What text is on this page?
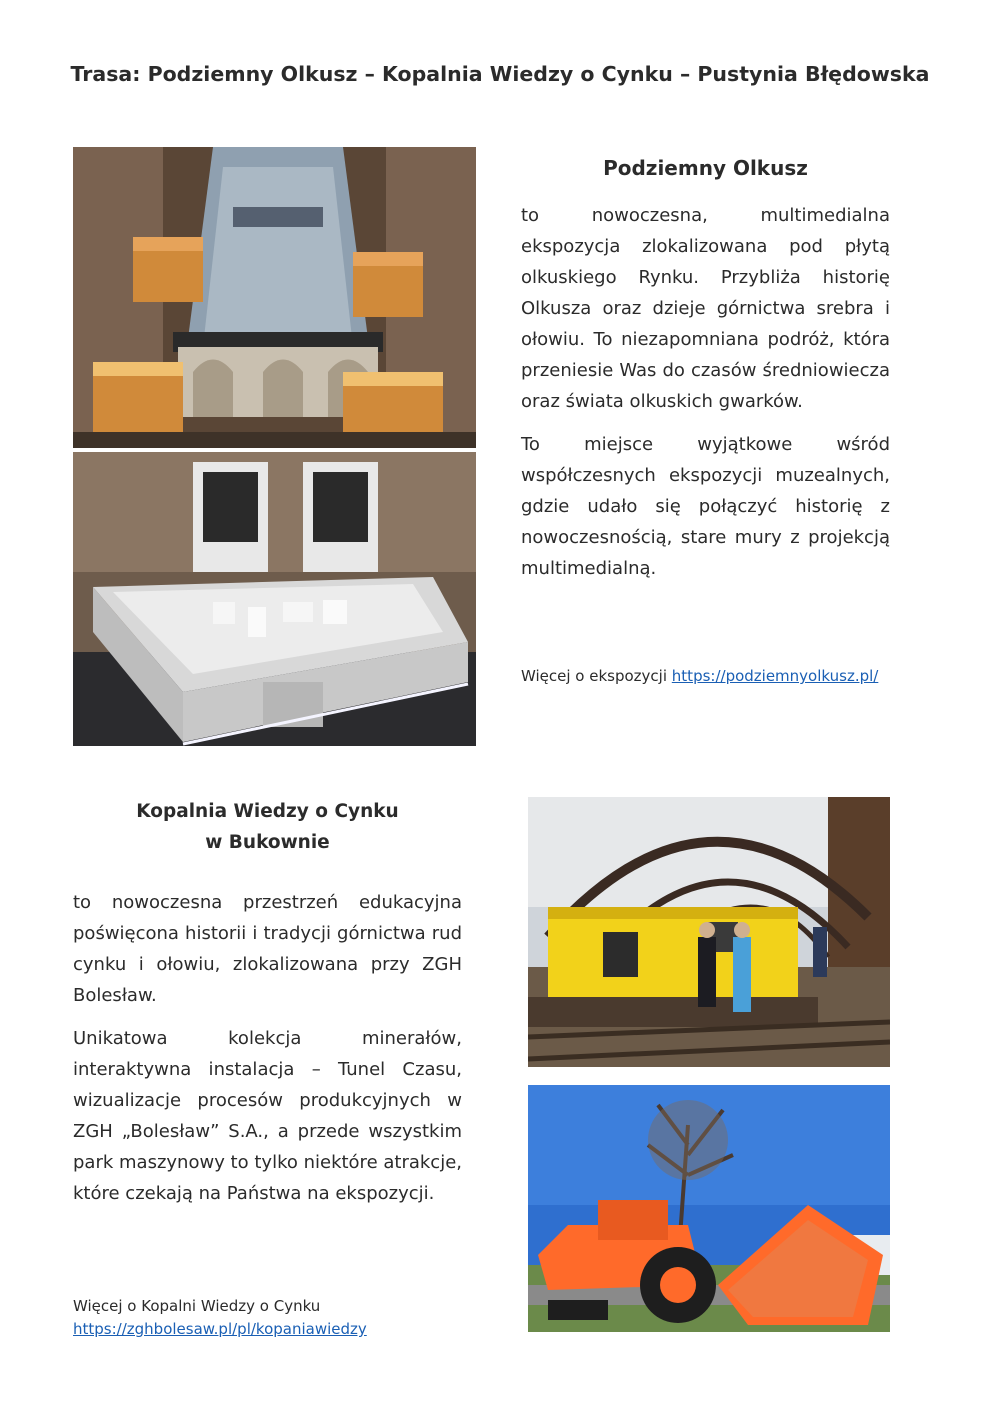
Trasa: Podziemny Olkusz – Kopalnia Wiedzy o Cynku – Pustynia Błędowska
Podziemny Olkusz

to nowoczesna, multimedialna ekspozycja zlokalizowana pod płytą olkuskiego Rynku. Przybliża historię Olkusza oraz dzieje górnictwa srebra i ołowiu. To niezapomniana podróż, która przeniesie Was do czasów średniowiecza oraz świata olkuskich gwarków.

To miejsce wyjątkowe wśród współczesnych ekspozycji muzealnych, gdzie udało się połączyć historię z nowoczesnością, stare mury z projekcją multimedialną.

Więcej o ekspozycji https://podziemnyolkusz.pl/
Kopalnia Wiedzy o Cynku
w Bukownie

to nowoczesna przestrzeń edukacyjna poświęcona historii i tradycji górnictwa rud cynku i ołowiu, zlokalizowana przy ZGH Bolesław.

Unikatowa kolekcja minerałów, interaktywna instalacja – Tunel Czasu, wizualizacje procesów produkcyjnych w ZGH „Bolesław” S.A., a przede wszystkim park maszynowy to tylko niektóre atrakcje, które czekają na Państwa na ekspozycji.

Więcej o Kopalni Wiedzy o Cynku
https://zghbolesaw.pl/pl/kopaniawiedzy
